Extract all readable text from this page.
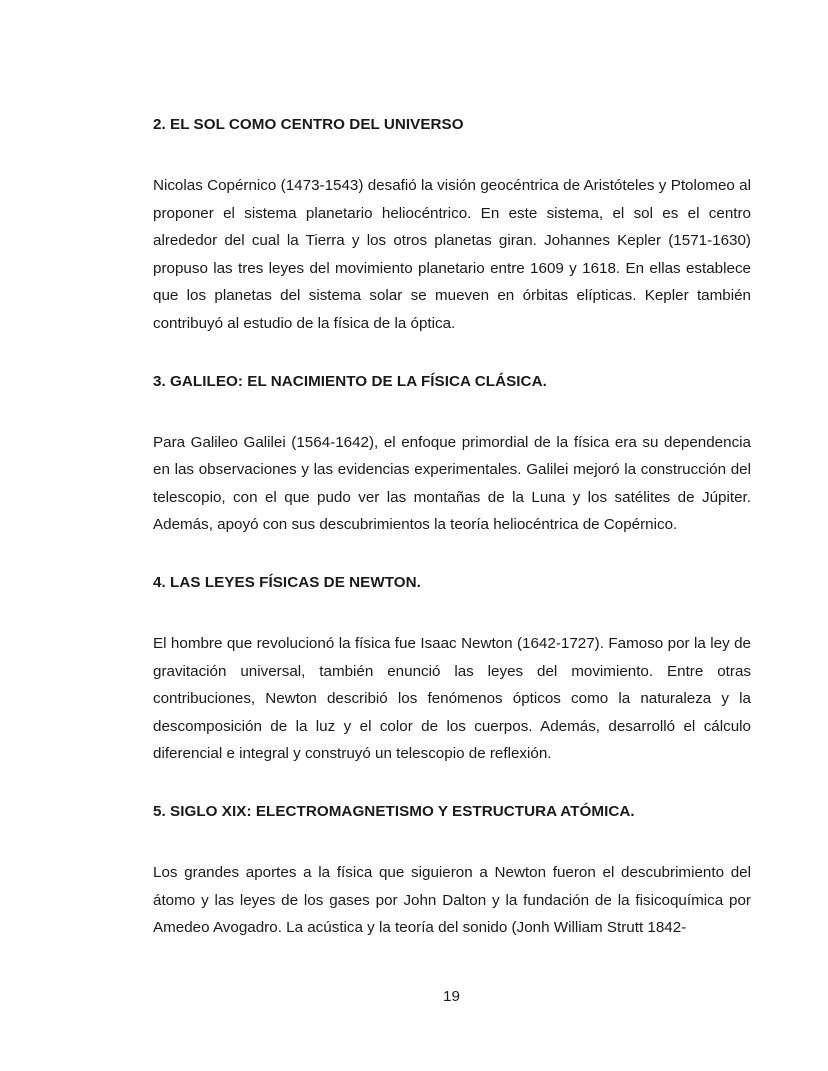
2. EL SOL COMO CENTRO DEL UNIVERSO

Nicolas Copérnico (1473-1543) desafió la visión geocéntrica de Aristóteles y Ptolomeo al proponer el sistema planetario heliocéntrico. En este sistema, el sol es el centro alrededor del cual la Tierra y los otros planetas giran. Johannes Kepler (1571-1630) propuso las tres leyes del movimiento planetario entre 1609 y 1618. En ellas establece que los planetas del sistema solar se mueven en órbitas elípticas. Kepler también contribuyó al estudio de la física de la óptica.

3. GALILEO: EL NACIMIENTO DE LA FÍSICA CLÁSICA.

Para Galileo Galilei (1564-1642), el enfoque primordial de la física era su dependencia en las observaciones y las evidencias experimentales. Galilei mejoró la construcción del telescopio, con el que pudo ver las montañas de la Luna y los satélites de Júpiter. Además, apoyó con sus descubrimientos la teoría heliocéntrica de Copérnico.

4. LAS LEYES FÍSICAS DE NEWTON.

El hombre que revolucionó la física fue Isaac Newton (1642-1727). Famoso por la ley de gravitación universal, también enunció las leyes del movimiento. Entre otras contribuciones, Newton describió los fenómenos ópticos como la naturaleza y la descomposición de la luz y el color de los cuerpos. Además, desarrolló el cálculo diferencial e integral y construyó un telescopio de reflexión.

5. SIGLO XIX: ELECTROMAGNETISMO Y ESTRUCTURA ATÓMICA.

Los grandes aportes a la física que siguieron a Newton fueron el descubrimiento del átomo y las leyes de los gases por John Dalton y la fundación de la fisicoquímica por Amedeo Avogadro. La acústica y la teoría del sonido (Jonh William Strutt 1842-

19
